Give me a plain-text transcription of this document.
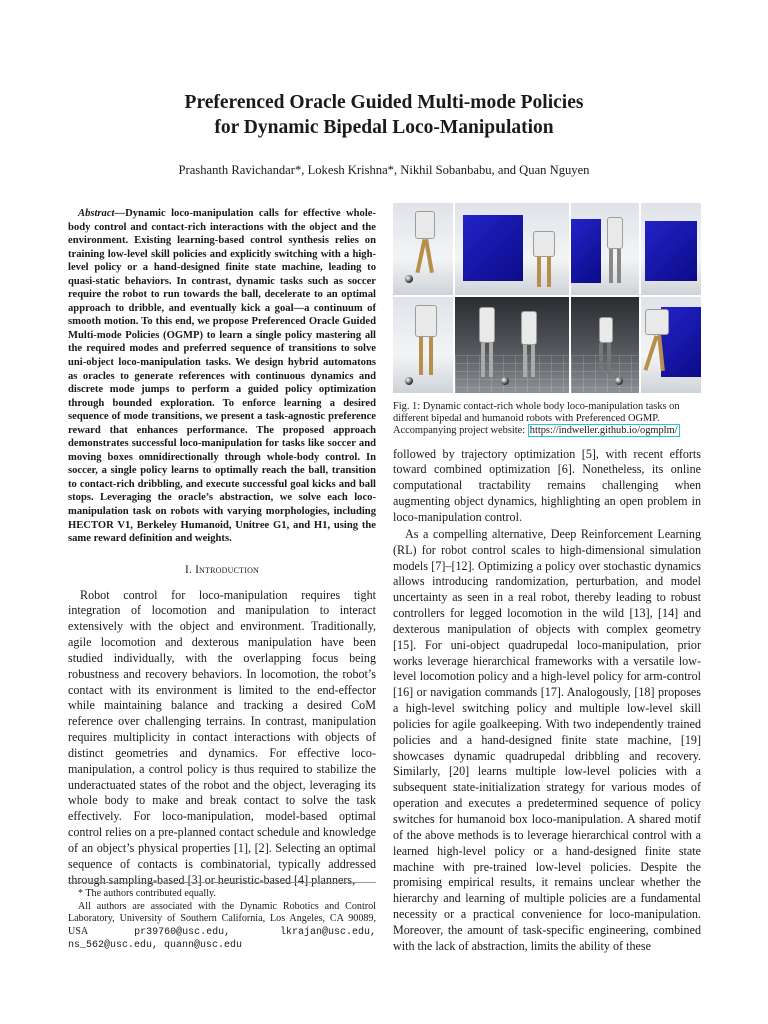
Preferenced Oracle Guided Multi-mode Policies
for Dynamic Bipedal Loco-Manipulation
Prashanth Ravichandar*, Lokesh Krishna*, Nikhil Sobanbabu, and Quan Nguyen

Abstract—Dynamic loco-manipulation calls for effective whole-body control and contact-rich interactions with the object and the environment. Existing learning-based control synthesis relies on training low-level skill policies and explicitly switching with a high-level policy or a hand-designed finite state machine, leading to quasi-static behaviors. In contrast, dynamic tasks such as soccer require the robot to run towards the ball, decelerate to an optimal approach to dribble, and eventually kick a goal—a continuum of smooth motion. To this end, we propose Preferenced Oracle Guided Multi-mode Policies (OGMP) to learn a single policy mastering all the required modes and preferred sequence of transitions to solve uni-object loco-manipulation tasks. We design hybrid automatons as oracles to generate references with continuous dynamics and discrete mode jumps to perform a guided policy optimization through bounded exploration. To enforce learning a desired sequence of mode transitions, we present a task-agnostic preference reward that enhances performance. The proposed approach demonstrates successful loco-manipulation for tasks like soccer and moving boxes omnidirectionally through whole-body control. In soccer, a single policy learns to optimally reach the ball, transition to contact-rich dribbling, and execute successful goal kicks and ball stops. Leveraging the oracle’s abstraction, we solve each loco-manipulation task on robots with varying morphologies, including HECTOR V1, Berkeley Humanoid, Unitree G1, and H1, using the same reward definition and weights.

I. Introduction

Robot control for loco-manipulation requires tight integration of locomotion and manipulation to interact extensively with the object and environment. Traditionally, agile locomotion and dexterous manipulation have been studied individually, with the overlapping focus being robustness and recovery behaviors. In locomotion, the robot’s contact with its environment is limited to the end-effector while maintaining balance and tracking a desired CoM reference over challenging terrains. In contrast, manipulation requires multiplicity in contact interactions with objects of distinct geometries and dynamics. For effective loco-manipulation, a control policy is thus required to stabilize the underactuated states of the robot and the object, leveraging its whole body to make and break contact to solve the task effectively. For loco-manipulation, model-based optimal control relies on a pre-planned contact schedule and knowledge of an object’s physical properties [1], [2]. Selecting an optimal sequence of contacts is combinatorial, typically addressed through sampling-based [3] or heuristic-based [4] planners,

* The authors contributed equally.

All authors are associated with the Dynamic Robotics and Control Laboratory, University of Southern California, Los Angeles, CA 90089, USA	pr39760@usc.edu, lkrajan@usc.edu, ns_562@usc.edu, quann@usc.edu

Fig. 1: Dynamic contact-rich whole body loco-manipulation tasks on different bipedal and humanoid robots with Preferenced OGMP. Accompanying project website: https://indweller.github.io/ogmplm/

followed by trajectory optimization [5], with recent efforts toward combined optimization [6]. Nonetheless, its online computational tractability remains challenging when augmenting object dynamics, highlighting an open problem in loco-manipulation control.

As a compelling alternative, Deep Reinforcement Learning (RL) for robot control scales to high-dimensional simulation models [7]–[12]. Optimizing a policy over stochastic dynamics allows introducing randomization, perturbation, and model uncertainty as seen in a real robot, thereby leading to robust controllers for legged locomotion in the wild [13], [14] and dexterous manipulation of objects with complex geometry [15]. For uni-object quadrupedal loco-manipulation, prior works leverage hierarchical frameworks with a versatile low-level locomotion policy and a high-level policy for arm-control [16] or navigation commands [17]. Analogously, [18] proposes a high-level switching policy and multiple low-level skill policies for agile goalkeeping. With two independently trained policies and a hand-designed finite state machine, [19] showcases dynamic quadrupedal dribbling and recovery. Similarly, [20] learns multiple low-level policies with a subsequent state-initialization strategy for various modes of operation and executes a predetermined sequence of policy switches for humanoid box loco-manipulation. A shared motif of the above methods is to leverage hierarchical control with a learned high-level policy or a hand-designed finite state machine with pre-trained low-level policies. Despite the promising empirical results, it remains unclear whether the hierarchy and learning of multiple policies are a fundamental necessity or a practical convenience for loco-manipulation. Moreover, the amount of task-specific engineering, combined with the lack of abstraction, limits the ability of these
